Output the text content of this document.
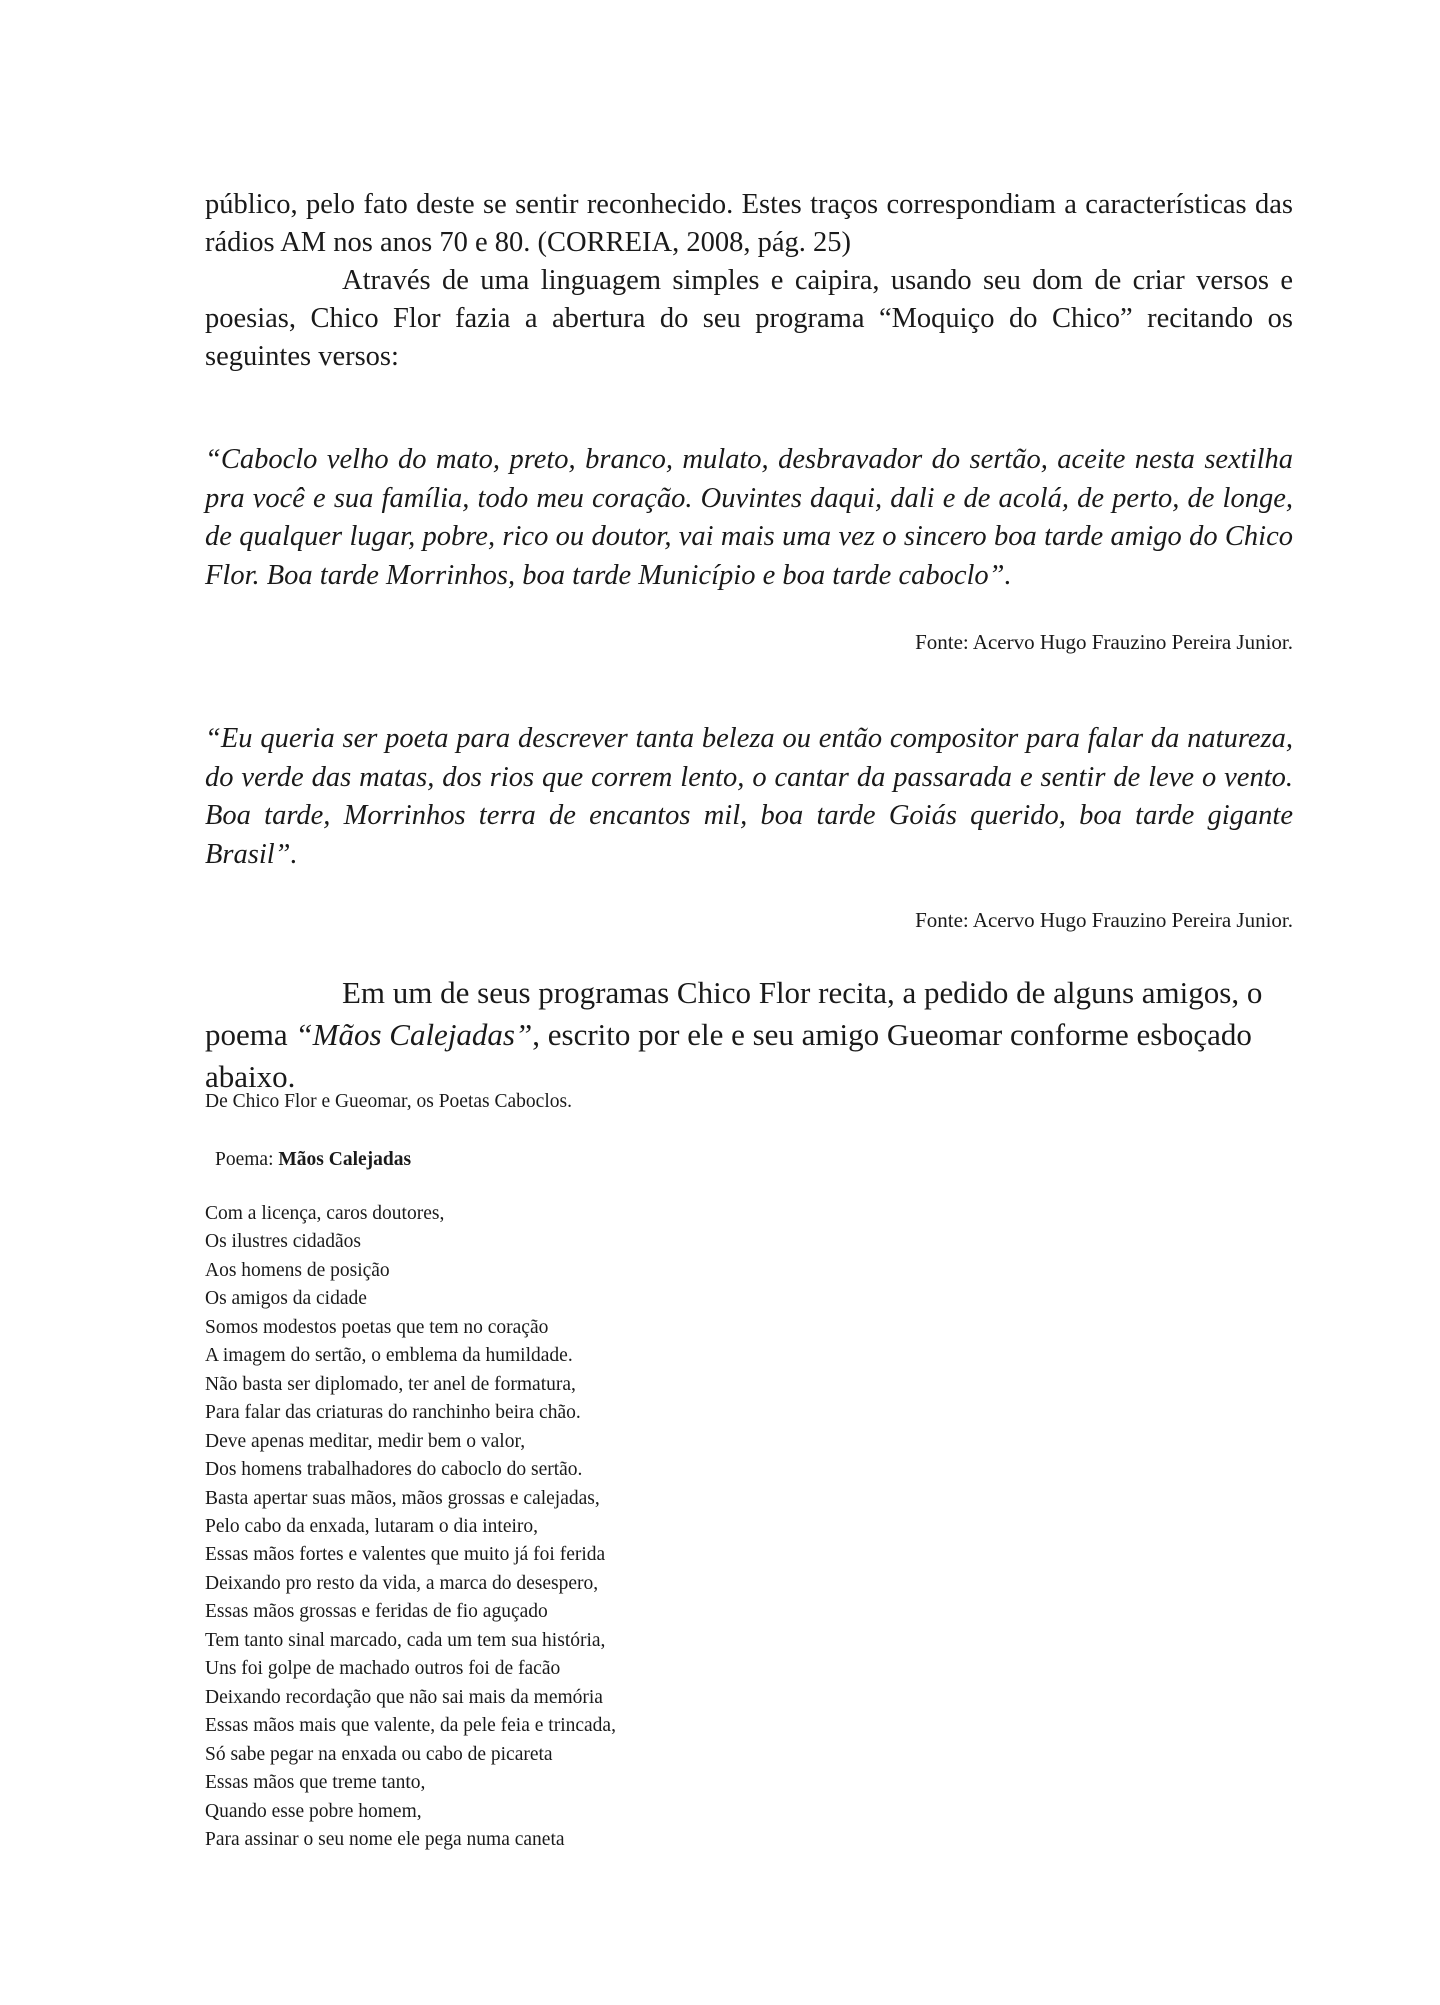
público, pelo fato deste se sentir reconhecido. Estes traços correspondiam a características das rádios AM nos anos 70 e 80. (CORREIA, 2008, pág. 25)

Através de uma linguagem simples e caipira, usando seu dom de criar versos e poesias, Chico Flor fazia a abertura do seu programa “Moquiço do Chico” recitando os seguintes versos:

“Caboclo velho do mato, preto, branco, mulato, desbravador do sertão, aceite nesta sextilha pra você e sua família, todo meu coração. Ouvintes daqui, dali e de acolá, de perto, de longe, de qualquer lugar, pobre, rico ou doutor, vai mais uma vez o sincero boa tarde amigo do Chico Flor. Boa tarde Morrinhos, boa tarde Município e boa tarde caboclo”.

Fonte: Acervo Hugo Frauzino Pereira Junior.

“Eu queria ser poeta para descrever tanta beleza ou então compositor para falar da natureza, do verde das matas, dos rios que correm lento, o cantar da passarada e sentir de leve o vento. Boa tarde, Morrinhos terra de encantos mil, boa tarde Goiás querido, boa tarde gigante Brasil”.

Fonte: Acervo Hugo Frauzino Pereira Junior.

Em um de seus programas Chico Flor recita, a pedido de alguns amigos, o poema “Mãos Calejadas”, escrito por ele e seu amigo Gueomar conforme esboçado abaixo.

De Chico Flor e Gueomar, os Poetas Caboclos.

Poema: Mãos Calejadas

Com a licença, caros doutores,
Os ilustres cidadãos
Aos homens de posição
Os amigos da cidade
Somos modestos poetas que tem no coração
A imagem do sertão, o emblema da humildade.
Não basta ser diplomado, ter anel de formatura,
Para falar das criaturas do ranchinho beira chão.
Deve apenas meditar, medir bem o valor,
Dos homens trabalhadores do caboclo do sertão.
Basta apertar suas mãos, mãos grossas e calejadas,
Pelo cabo da enxada, lutaram o dia inteiro,
Essas mãos fortes e valentes que muito já foi ferida
Deixando pro resto da vida, a marca do desespero,
Essas mãos grossas e feridas de fio aguçado
Tem tanto sinal marcado, cada um tem sua história,
Uns foi golpe de machado outros foi de facão
Deixando recordação que não sai mais da memória
Essas mãos mais que valente, da pele feia e trincada,
Só sabe pegar na enxada ou cabo de picareta
Essas mãos que treme tanto,
Quando esse pobre homem,
Para assinar o seu nome ele pega numa caneta
